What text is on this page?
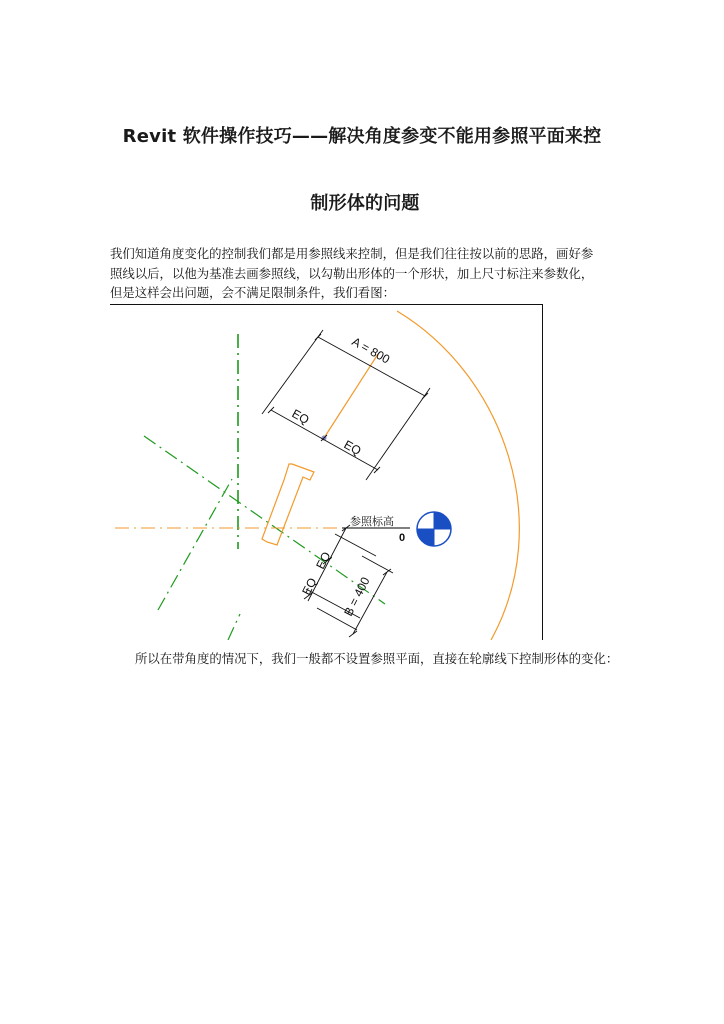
Revit 软件操作技巧——解决角度参变不能用参照平面来控
制形体的问题
我们知道角度变化的控制我们都是用参照线来控制，但是我们往往按以前的思路，画好参
照线以后，以他为基准去画参照线，以勾勒出形体的一个形状，加上尺寸标注来参数化，
但是这样会出问题，会不满足限制条件，我们看图：
A = 800
EQ
EQ
EQ
EQ B = 400
参照标高
0
所以在带角度的情况下，我们一般都不设置参照平面，直接在轮廓线下控制形体的变化：
